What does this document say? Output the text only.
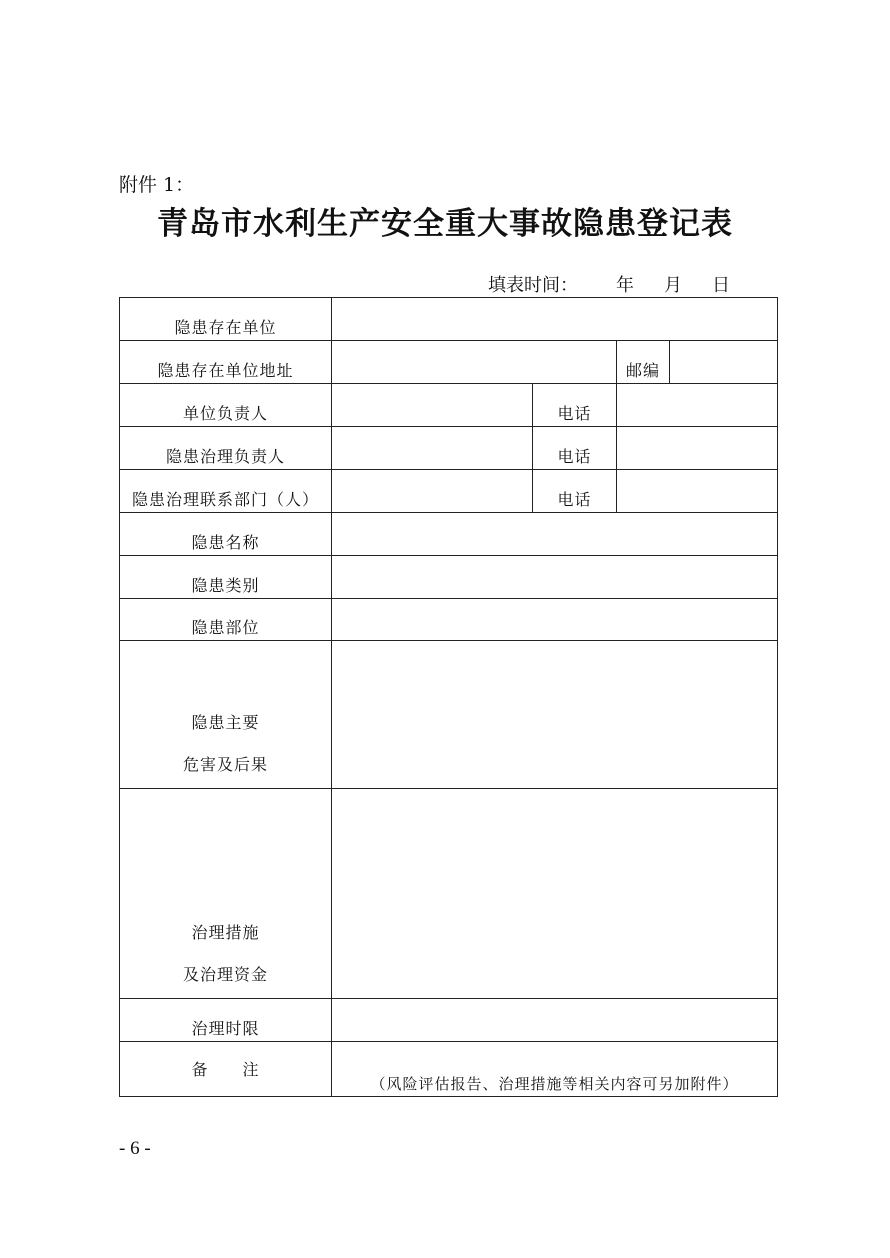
附件 1：
青岛市水利生产安全重大事故隐患登记表
填表时间： 年 月 日
隐患存在单位				
隐患存在单位地址			邮编	
单位负责人		电话		
隐患治理负责人		电话		
隐患治理联系部门（人）		电话		
隐患名称				
隐患类别				
隐患部位				

隐患主要
危害及后果				

治理措施
及治理资金				

治理时限				
备　　注	（风险评估报告、治理措施等相关内容可另加附件）			
- 6 -
